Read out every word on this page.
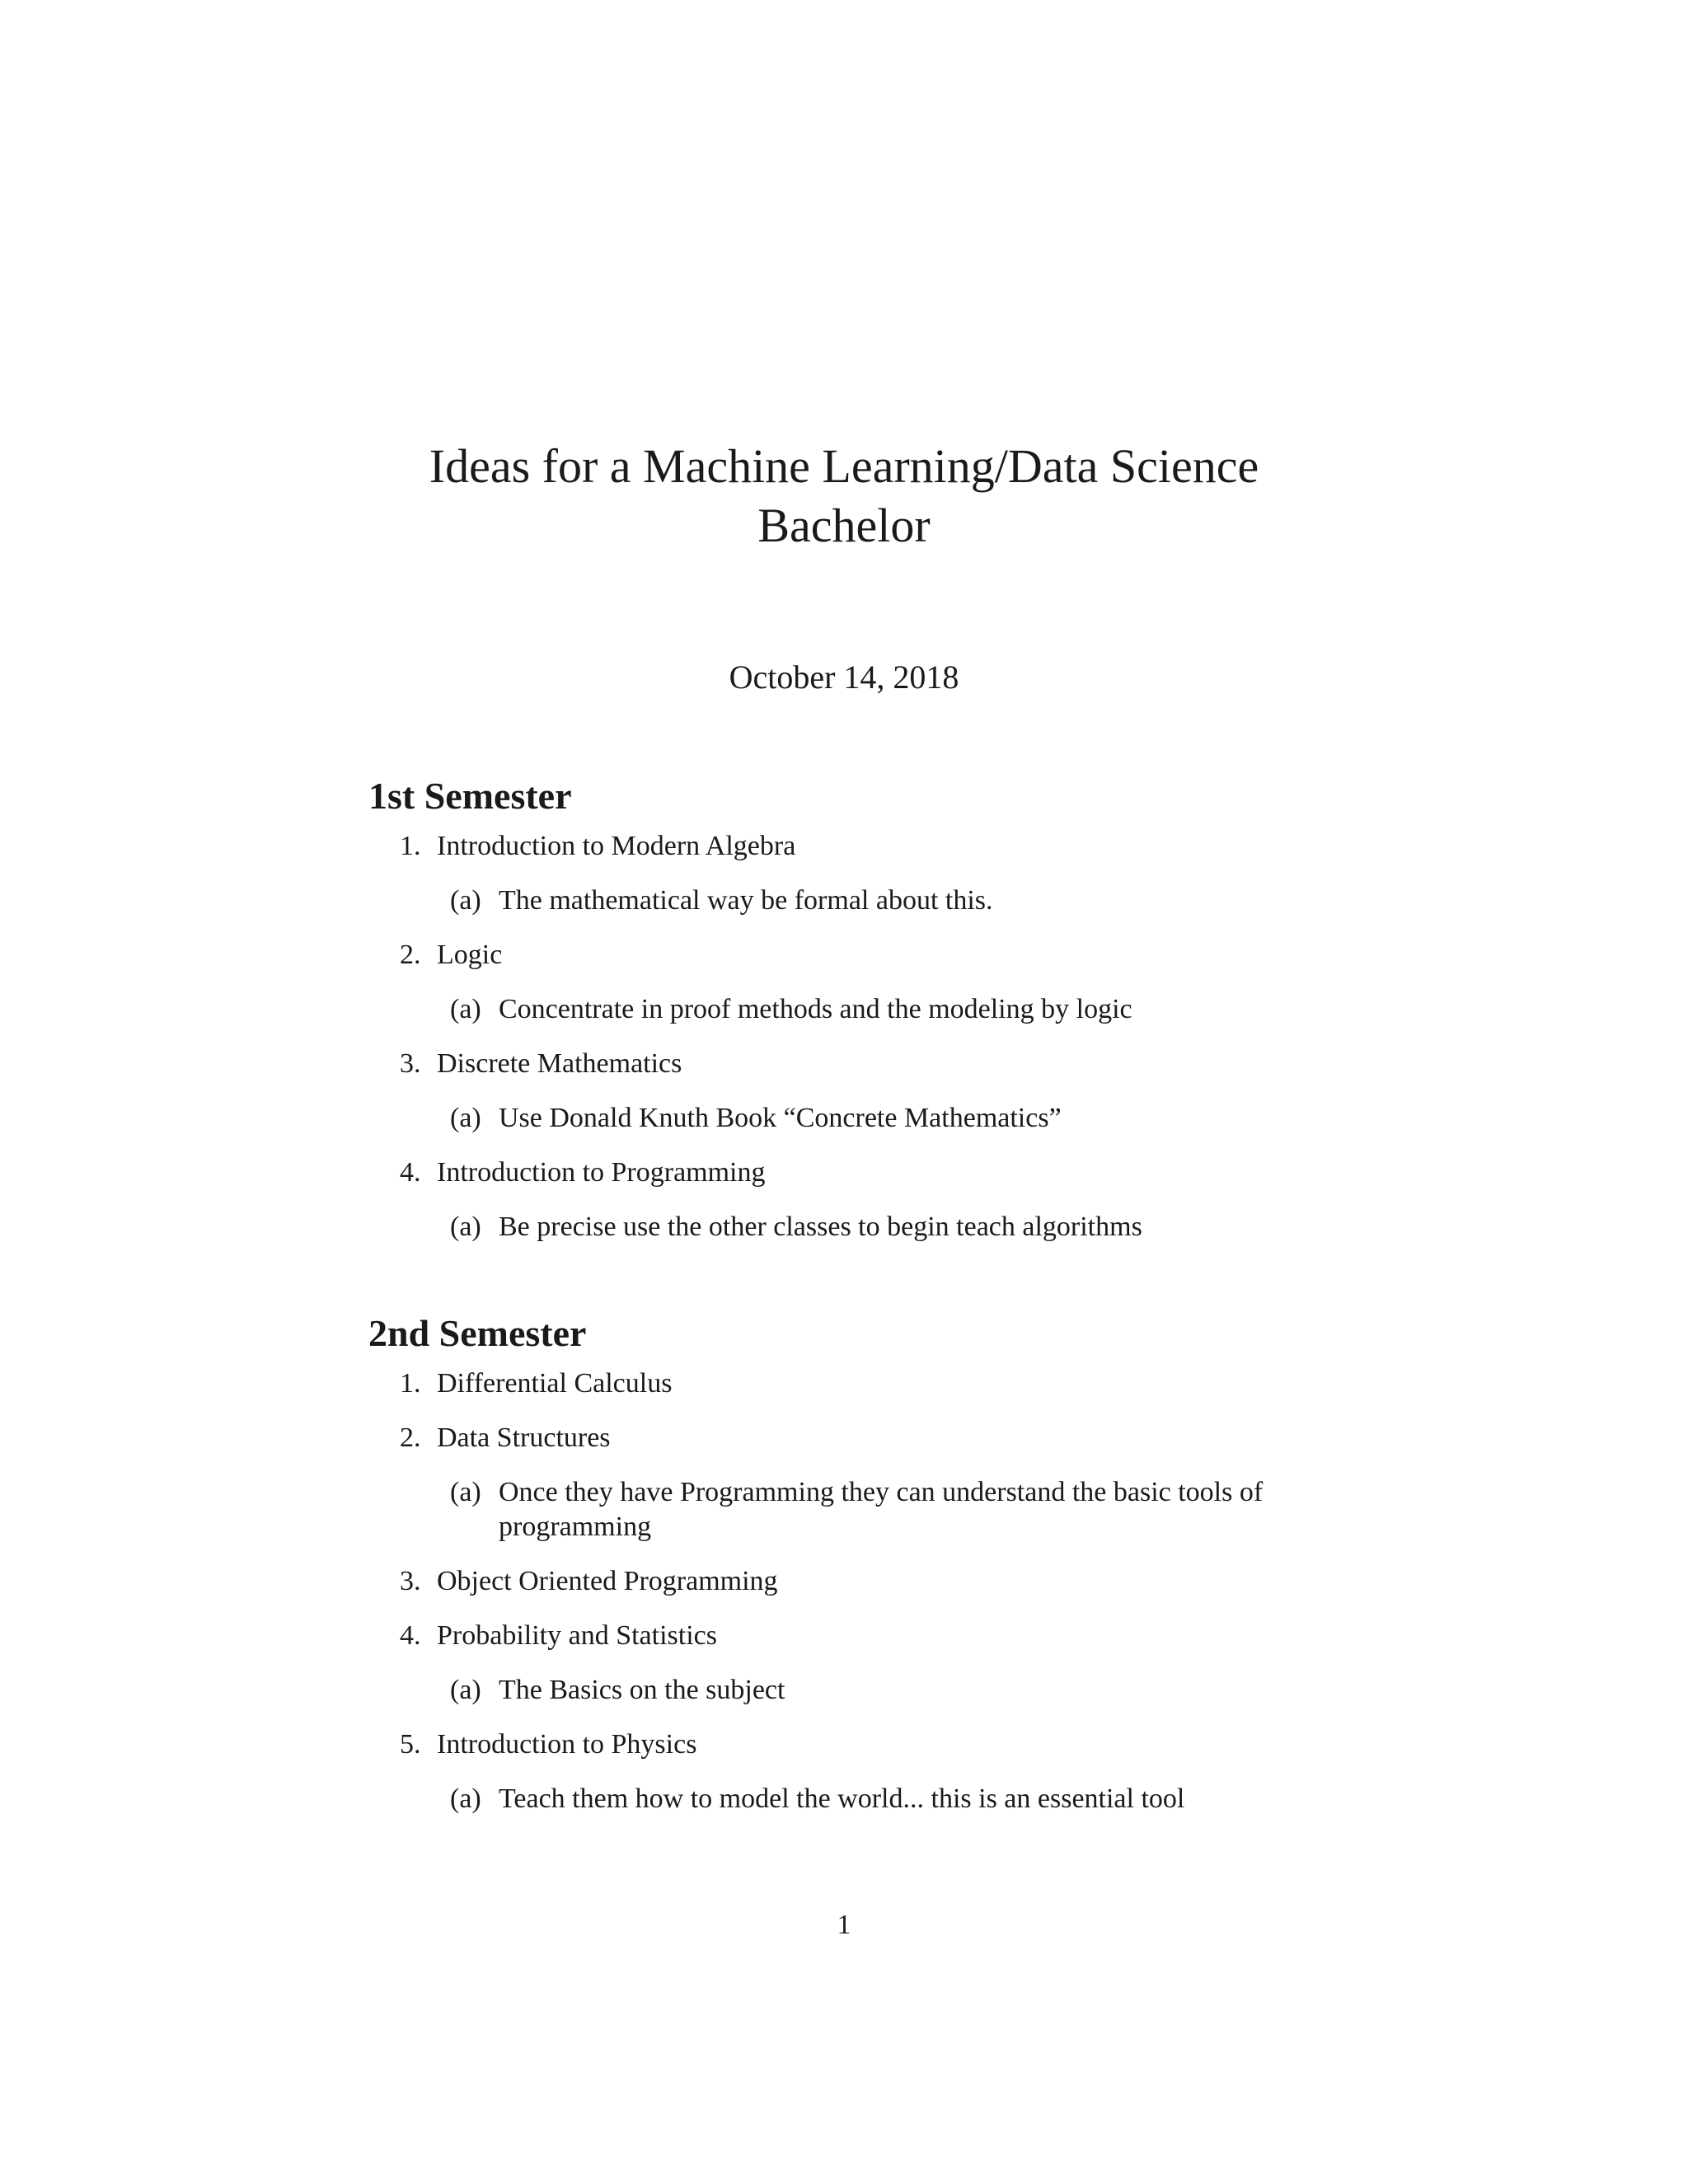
Ideas for a Machine Learning/Data Science
Bachelor
October 14, 2018
1st Semester
1. Introduction to Modern Algebra
(a) The mathematical way be formal about this.
2. Logic
(a) Concentrate in proof methods and the modeling by logic
3. Discrete Mathematics
(a) Use Donald Knuth Book “Concrete Mathematics”
4. Introduction to Programming
(a) Be precise use the other classes to begin teach algorithms
2nd Semester
1. Differential Calculus
2. Data Structures
(a) Once they have Programming they can understand the basic tools of programming
3. Object Oriented Programming
4. Probability and Statistics
(a) The Basics on the subject
5. Introduction to Physics
(a) Teach them how to model the world... this is an essential tool
1
